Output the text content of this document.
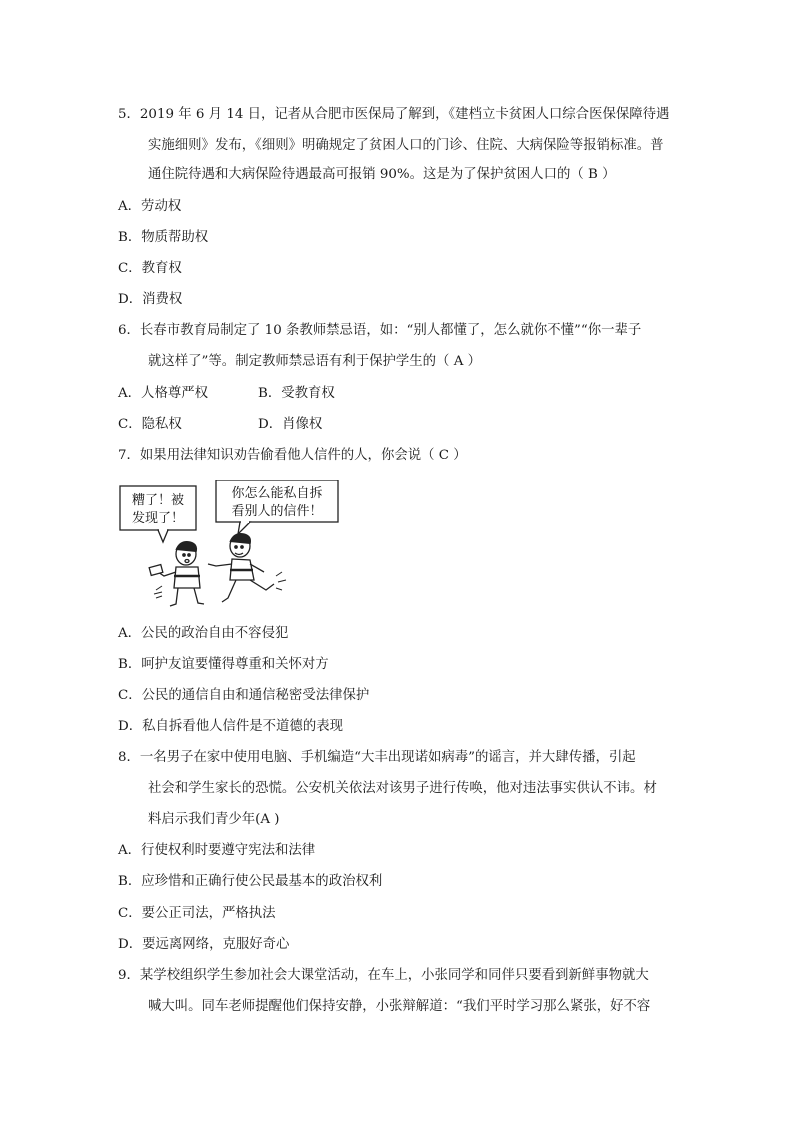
5．2019 年 6 月 14 日，记者从合肥市医保局了解到，《建档立卡贫困人口综合医保保障待遇
实施细则》发布，《细则》明确规定了贫困人口的门诊、住院、大病保险等报销标准。普
通住院待遇和大病保险待遇最高可报销 90%。这是为了保护贫困人口的（ B ）
A．劳动权
B．物质帮助权
C．教育权
D．消费权
6．长春市教育局制定了 10 条教师禁忌语，如：“别人都懂了，怎么就你不懂”“你一辈子
就这样了”等。制定教师禁忌语有利于保护学生的（ A ）
A．人格尊严权	B．受教育权
C．隐私权	D．肖像权
7．如果用法律知识劝告偷看他人信件的人，你会说（ C ）
糟了！被
发现了！
你怎么能私自拆
看别人的信件！
A．公民的政治自由不容侵犯
B．呵护友谊要懂得尊重和关怀对方
C．公民的通信自由和通信秘密受法律保护
D．私自拆看他人信件是不道德的表现
8．一名男子在家中使用电脑、手机编造“大丰出现诺如病毒”的谣言，并大肆传播，引起
社会和学生家长的恐慌。公安机关依法对该男子进行传唤，他对违法事实供认不讳。材
料启示我们青少年(A )
A．行使权利时要遵守宪法和法律
B．应珍惜和正确行使公民最基本的政治权利
C．要公正司法，严格执法
D．要远离网络，克服好奇心
9．某学校组织学生参加社会大课堂活动，在车上，小张同学和同伴只要看到新鲜事物就大
喊大叫。同车老师提醒他们保持安静，小张辩解道：“我们平时学习那么紧张，好不容
